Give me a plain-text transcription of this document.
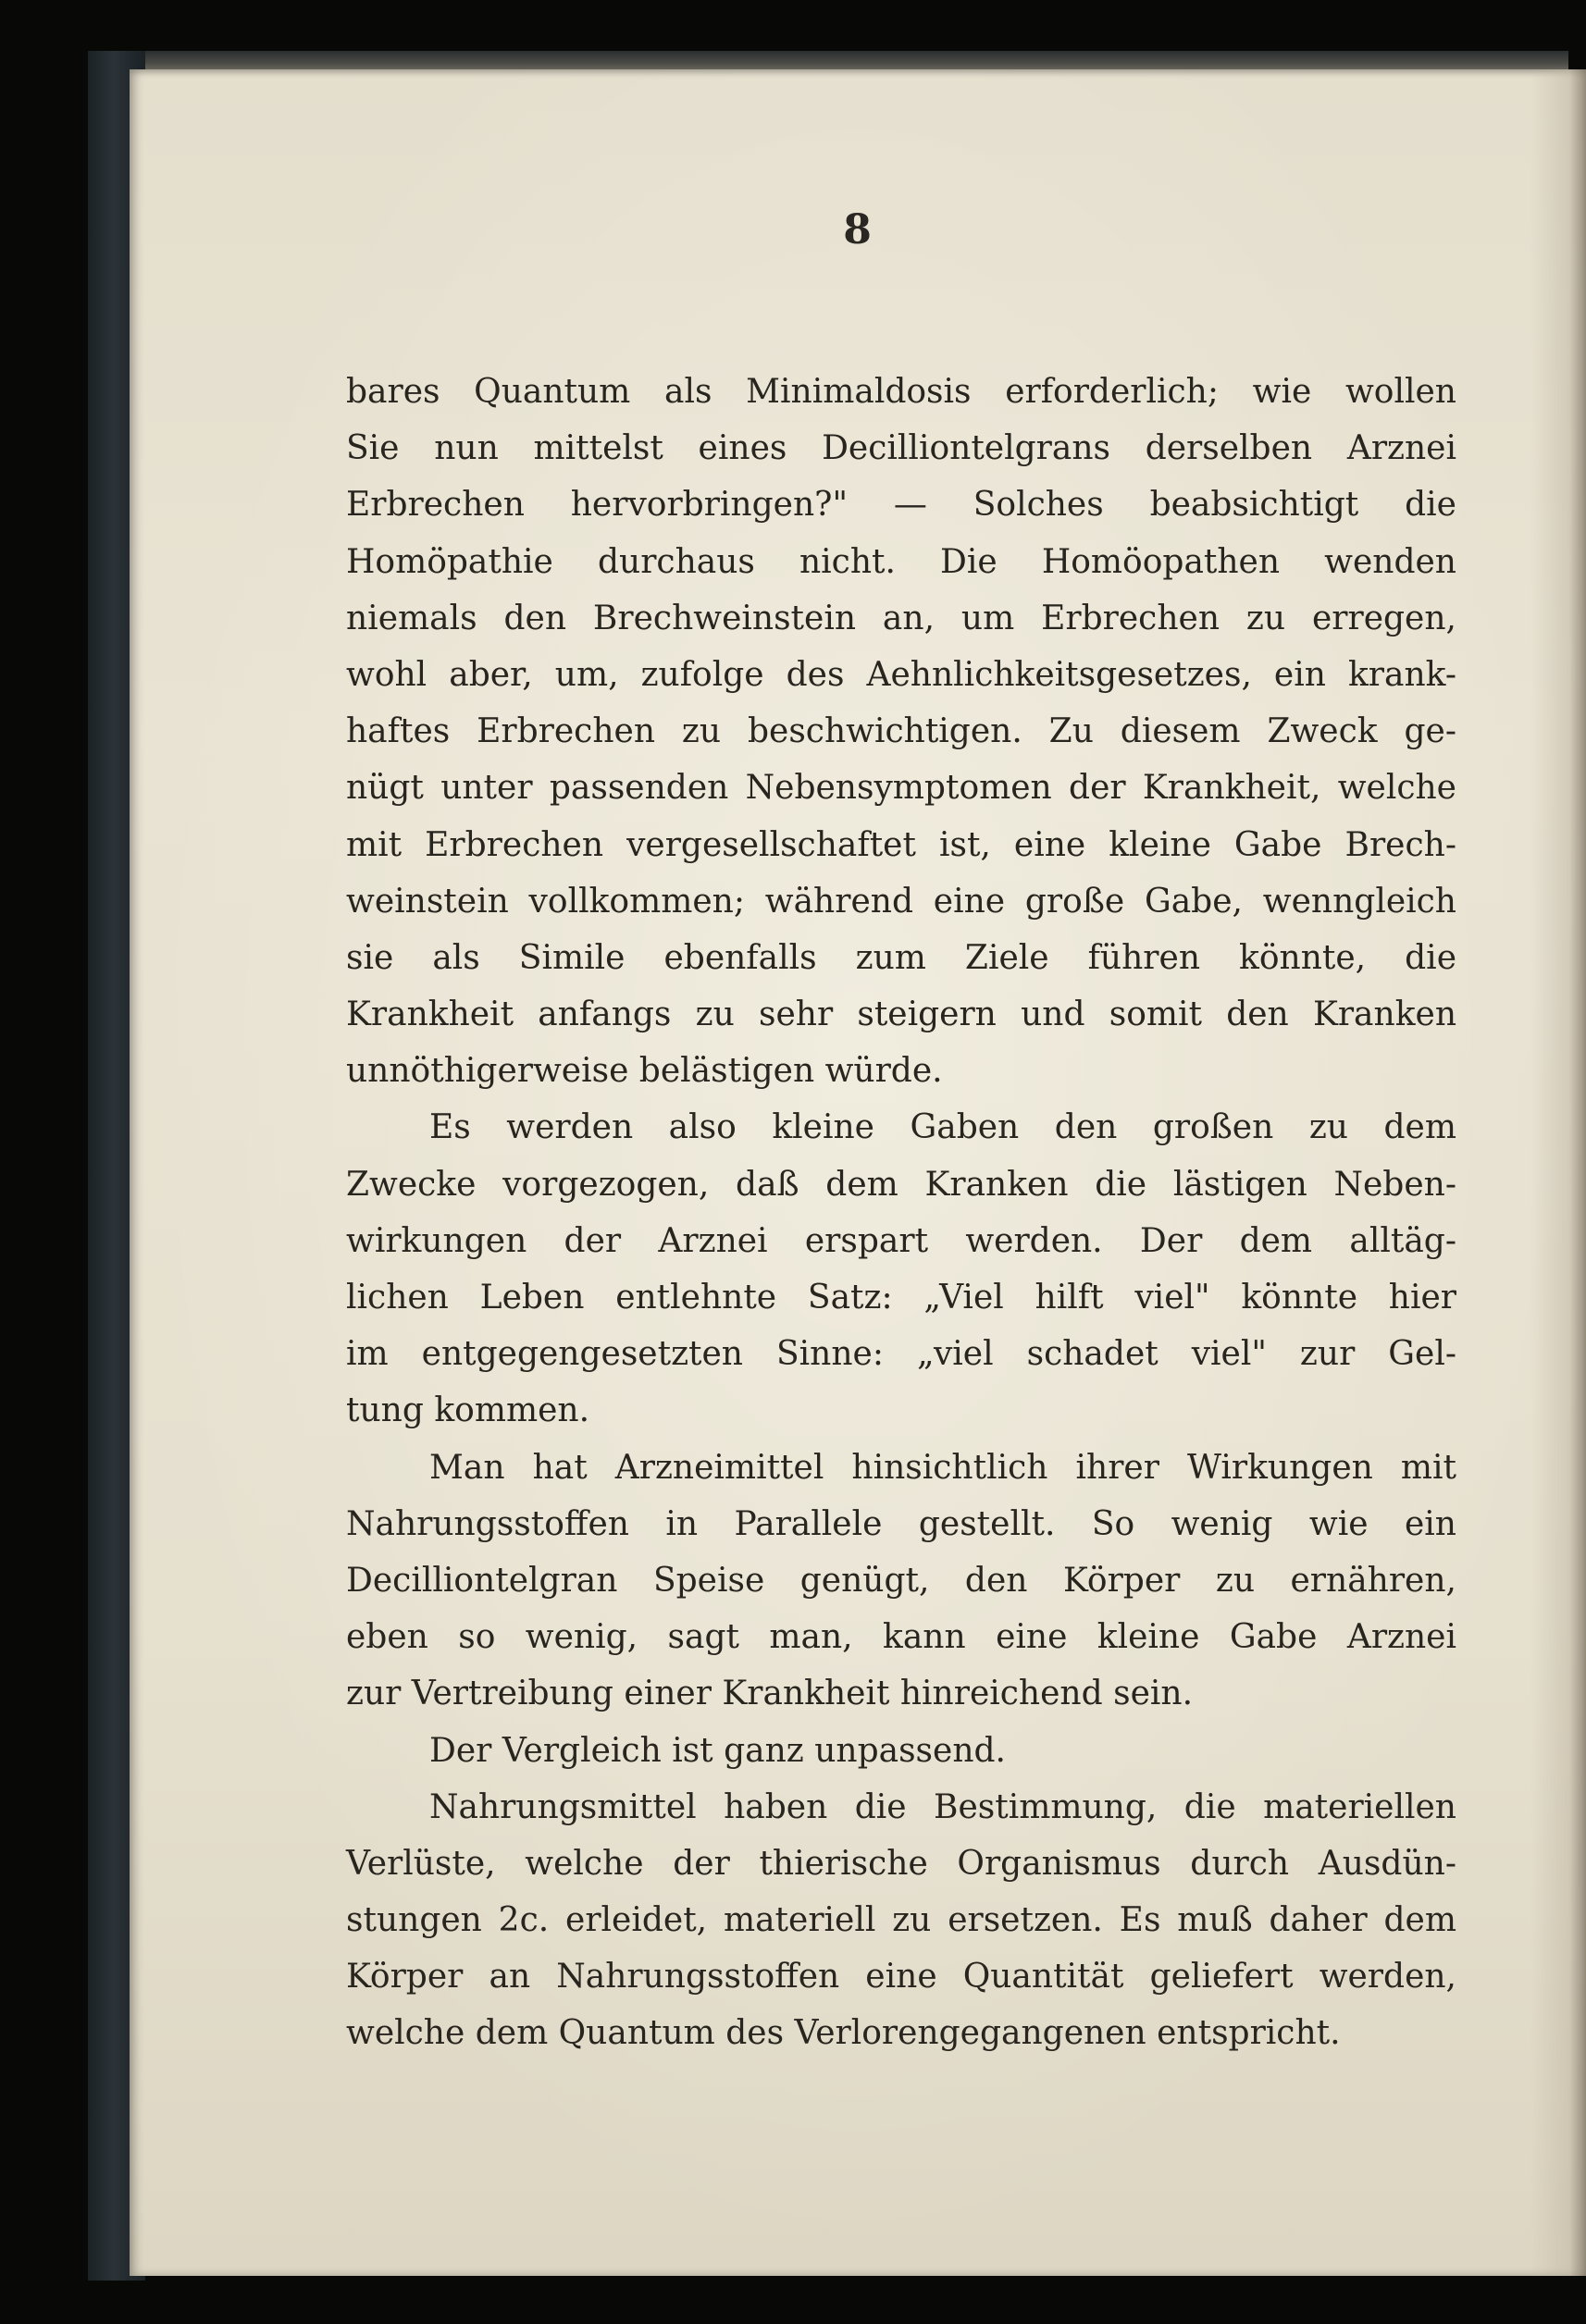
8
bares Quantum als Minimaldosis erforderlich; wie wollen
Sie nun mittelst eines Decilliontelgrans derselben Arznei
Erbrechen hervorbringen?" — Solches beabsichtigt die
Homöpathie durchaus nicht. Die Homöopathen wenden
niemals den Brechweinstein an, um Erbrechen zu erregen,
wohl aber, um, zufolge des Aehnlichkeitsgesetzes, ein krank-
haftes Erbrechen zu beschwichtigen. Zu diesem Zweck ge-
nügt unter passenden Nebensymptomen der Krankheit, welche
mit Erbrechen vergesellschaftet ist, eine kleine Gabe Brech-
weinstein vollkommen; während eine große Gabe, wenngleich
sie als Simile ebenfalls zum Ziele führen könnte, die
Krankheit anfangs zu sehr steigern und somit den Kranken
unnöthigerweise belästigen würde.
Es werden also kleine Gaben den großen zu dem
Zwecke vorgezogen, daß dem Kranken die lästigen Neben-
wirkungen der Arznei erspart werden. Der dem alltäg-
lichen Leben entlehnte Satz: „Viel hilft viel" könnte hier
im entgegengesetzten Sinne: „viel schadet viel" zur Gel-
tung kommen.
Man hat Arzneimittel hinsichtlich ihrer Wirkungen mit
Nahrungsstoffen in Parallele gestellt. So wenig wie ein
Decilliontelgran Speise genügt, den Körper zu ernähren,
eben so wenig, sagt man, kann eine kleine Gabe Arznei
zur Vertreibung einer Krankheit hinreichend sein.
Der Vergleich ist ganz unpassend.
Nahrungsmittel haben die Bestimmung, die materiellen
Verlüste, welche der thierische Organismus durch Ausdün-
stungen 2c. erleidet, materiell zu ersetzen. Es muß daher dem
Körper an Nahrungsstoffen eine Quantität geliefert werden,
welche dem Quantum des Verlorengegangenen entspricht.
